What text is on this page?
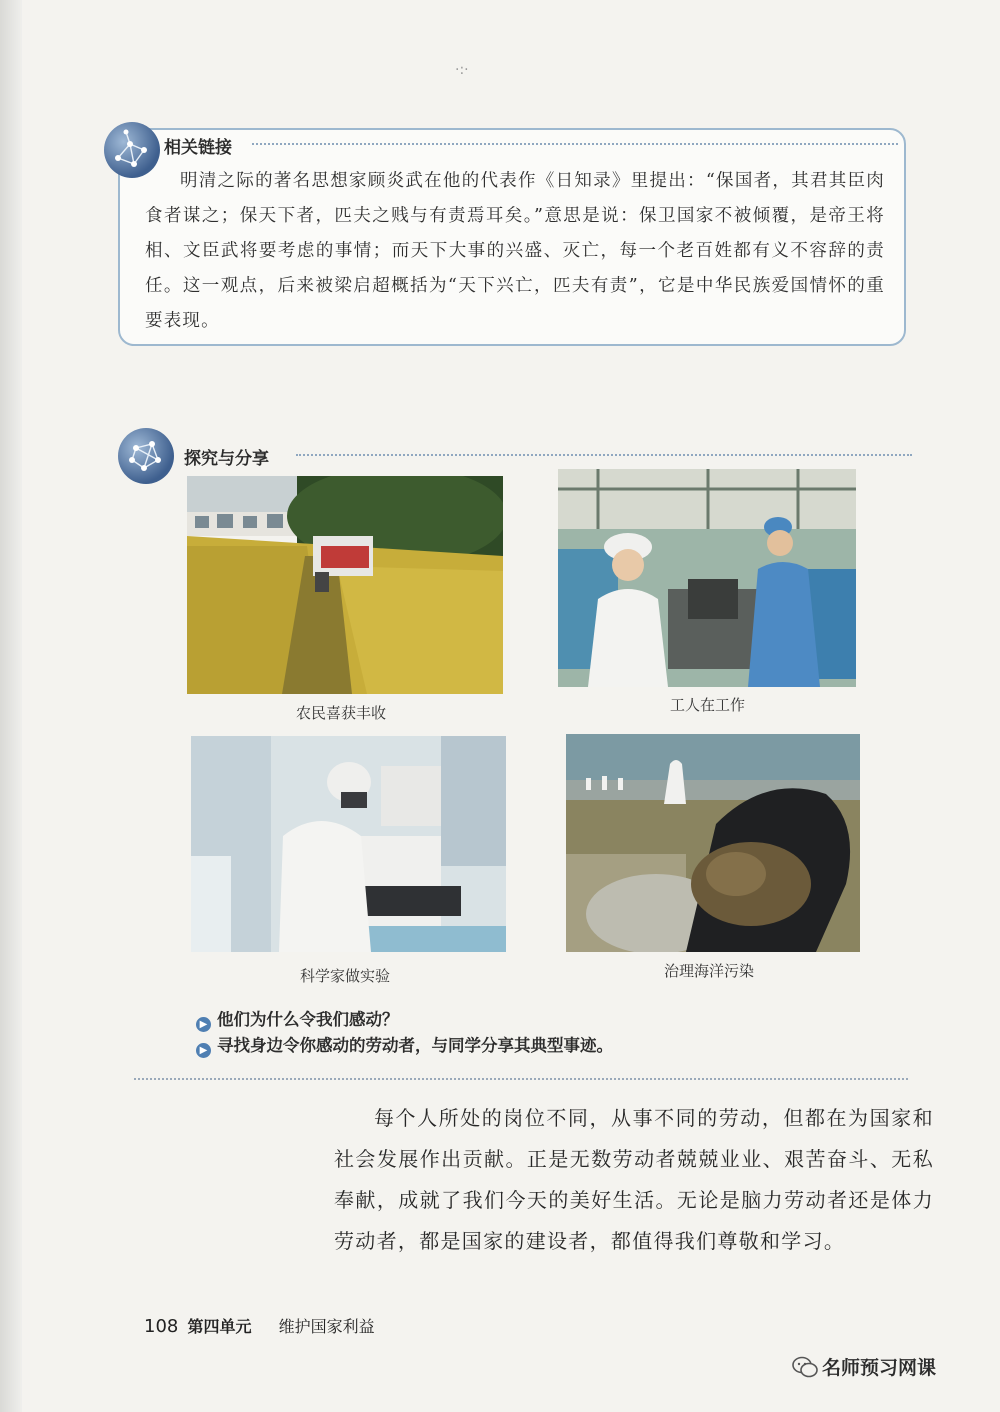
·:·
相关链接
明清之际的著名思想家顾炎武在他的代表作《日知录》里提出：“保国者，其君其臣肉食者谋之；保天下者，匹夫之贱与有责焉耳矣。”意思是说：保卫国家不被倾覆，是帝王将相、文臣武将要考虑的事情；而天下大事的兴盛、灭亡，每一个老百姓都有义不容辞的责任。这一观点，后来被梁启超概括为“天下兴亡，匹夫有责”，它是中华民族爱国情怀的重要表现。
探究与分享
农民喜获丰收	工人在工作
科学家做实验	治理海洋污染
▶ 他们为什么令我们感动？
▶ 寻找身边令你感动的劳动者，与同学分享其典型事迹。
每个人所处的岗位不同，从事不同的劳动，但都在为国家和社会发展作出贡献。正是无数劳动者兢兢业业、艰苦奋斗、无私奉献，成就了我们今天的美好生活。无论是脑力劳动者还是体力劳动者，都是国家的建设者，都值得我们尊敬和学习。
108 第四单元 维护国家利益
名师预习网课
